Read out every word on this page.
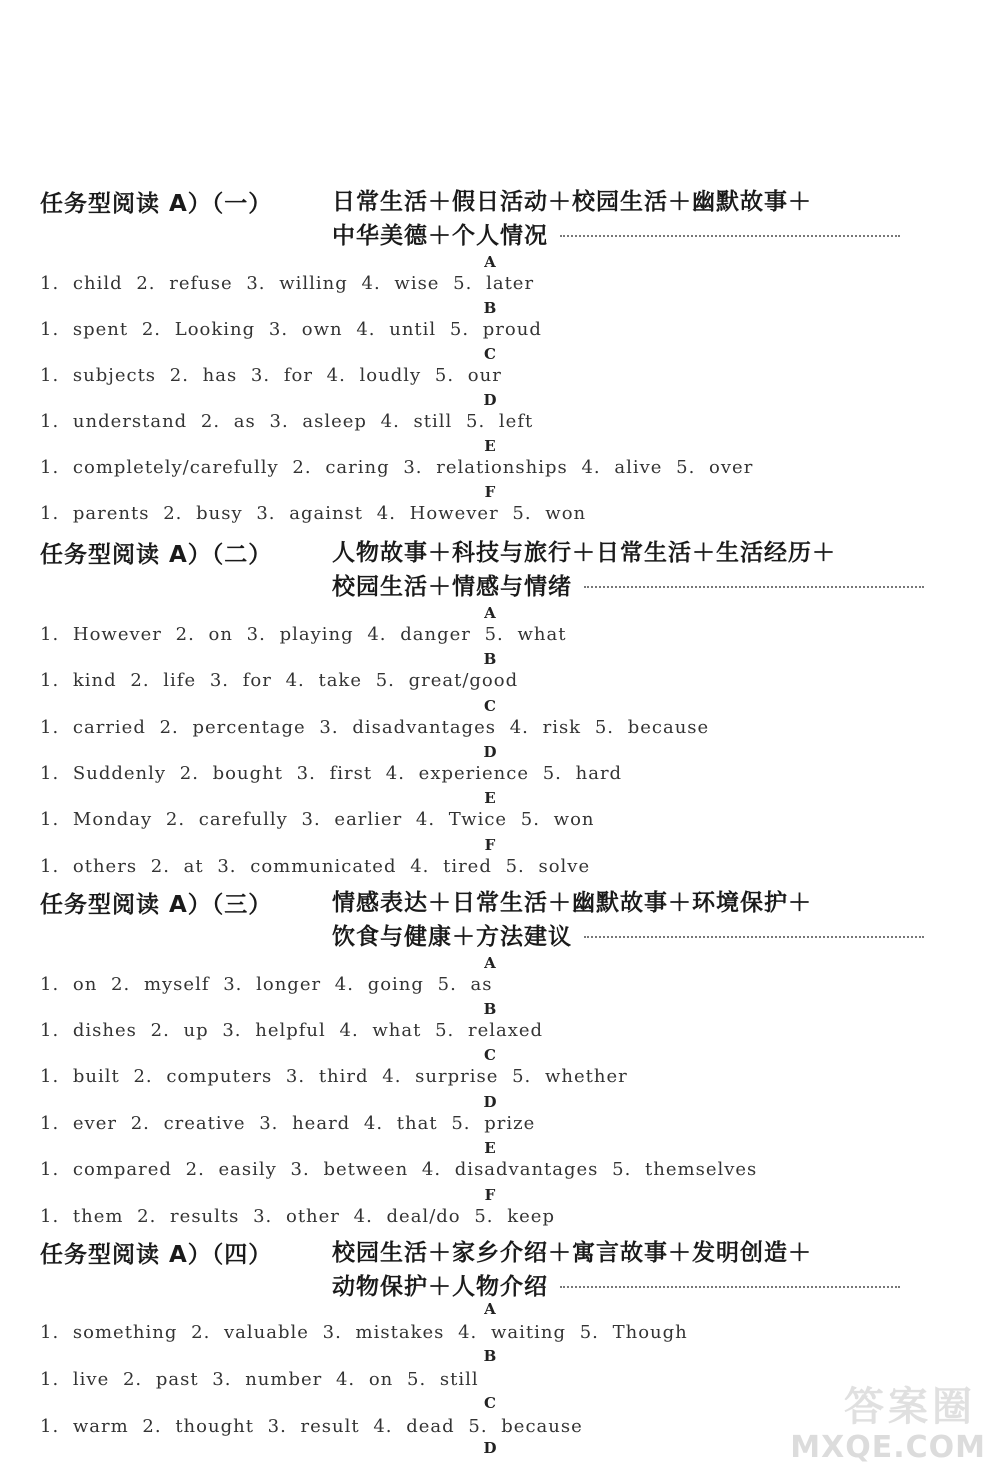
任务型阅读 A）（一）	日常生活＋假日活动＋校园生活＋幽默故事＋
中华美德＋个人情况
A
1. child 2. refuse 3. willing 4. wise 5. later
B
1. spent 2. Looking 3. own 4. until 5. proud
C
1. subjects 2. has 3. for 4. loudly 5. our
D
1. understand 2. as 3. asleep 4. still 5. left
E
1. completely/carefully 2. caring 3. relationships 4. alive 5. over
F
1. parents 2. busy 3. against 4. However 5. won
任务型阅读 A）（二）	人物故事＋科技与旅行＋日常生活＋生活经历＋
校园生活＋情感与情绪
A
1. However 2. on 3. playing 4. danger 5. what
B
1. kind 2. life 3. for 4. take 5. great/good
C
1. carried 2. percentage 3. disadvantages 4. risk 5. because
D
1. Suddenly 2. bought 3. first 4. experience 5. hard
E
1. Monday 2. carefully 3. earlier 4. Twice 5. won
F
1. others 2. at 3. communicated 4. tired 5. solve
任务型阅读 A）（三）	情感表达＋日常生活＋幽默故事＋环境保护＋
饮食与健康＋方法建议
A
1. on 2. myself 3. longer 4. going 5. as
B
1. dishes 2. up 3. helpful 4. what 5. relaxed
C
1. built 2. computers 3. third 4. surprise 5. whether
D
1. ever 2. creative 3. heard 4. that 5. prize
E
1. compared 2. easily 3. between 4. disadvantages 5. themselves
F
1. them 2. results 3. other 4. deal/do 5. keep
任务型阅读 A）（四）	校园生活＋家乡介绍＋寓言故事＋发明创造＋
动物保护＋人物介绍
A
1. something 2. valuable 3. mistakes 4. waiting 5. Though
B
1. live 2. past 3. number 4. on 5. still
C
1. warm 2. thought 3. result 4. dead 5. because
D

答案圈
MXQE.COM
